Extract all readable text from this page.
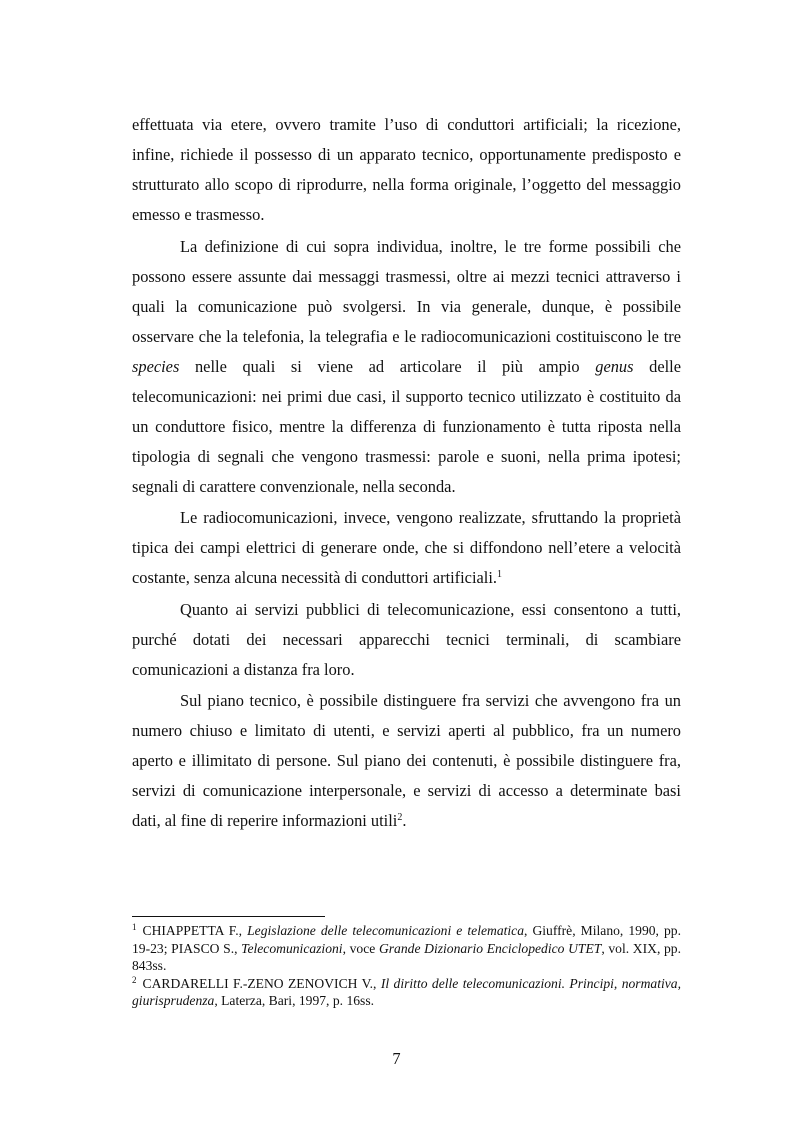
effettuata via etere, ovvero tramite l’uso di conduttori artificiali; la ricezione, infine, richiede il possesso di un apparato tecnico, opportunamente predisposto e strutturato allo scopo di riprodurre, nella forma originale, l’oggetto del messaggio emesso e trasmesso.

La definizione di cui sopra individua, inoltre, le tre forme possibili che possono essere assunte dai messaggi trasmessi, oltre ai mezzi tecnici attraverso i quali la comunicazione può svolgersi. In via generale, dunque, è possibile osservare che la telefonia, la telegrafia e le radiocomunicazioni costituiscono le tre species nelle quali si viene ad articolare il più ampio genus delle telecomunicazioni: nei primi due casi, il supporto tecnico utilizzato è costituito da un conduttore fisico, mentre la differenza di funzionamento è tutta riposta nella tipologia di segnali che vengono trasmessi: parole e suoni, nella prima ipotesi; segnali di carattere convenzionale, nella seconda.

Le radiocomunicazioni, invece, vengono realizzate, sfruttando la proprietà tipica dei campi elettrici di generare onde, che si diffondono nell’etere a velocità costante, senza alcuna necessità di conduttori artificiali.$^1$

Quanto ai servizi pubblici di telecomunicazione, essi consentono a tutti, purché dotati dei necessari apparecchi tecnici terminali, di scambiare comunicazioni a distanza fra loro.

Sul piano tecnico, è possibile distinguere fra servizi che avvengono fra un numero chiuso e limitato di utenti, e servizi aperti al pubblico, fra un numero aperto e illimitato di persone. Sul piano dei contenuti, è possibile distinguere fra, servizi di comunicazione interpersonale, e servizi di accesso a determinate basi dati, al fine di reperire informazioni utili$^2$.

$^1$ CHIAPPETTA F., Legislazione delle telecomunicazioni e telematica, Giuffrè, Milano, 1990, pp. 19-23; PIASCO S., Telecomunicazioni, voce Grande Dizionario Enciclopedico UTET, vol. XIX, pp. 843ss.

$^2$ CARDARELLI F.-ZENO ZENOVICH V., Il diritto delle telecomunicazioni. Principi, normativa, giurisprudenza, Laterza, Bari, 1997, p. 16ss.

7
